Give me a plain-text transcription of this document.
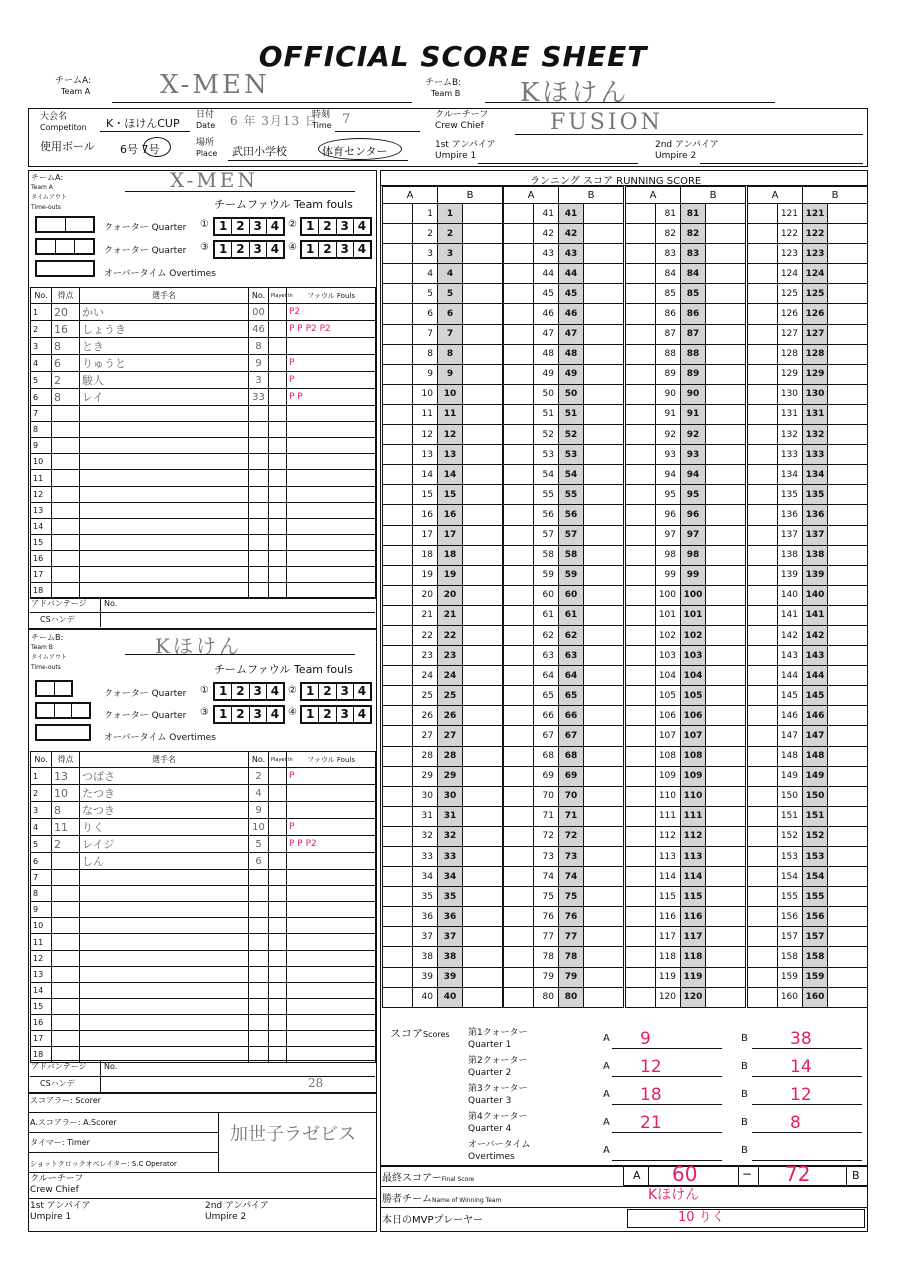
OFFICIAL SCORE SHEET
チームA:
Team A	X-MEN	チームB:
Team B Kほけん
大会名
Competiton K・ほけんCUP
日付
Date 6 年 3月13 日
時刻
Time 7
使用ボール 6号 7号	場所
Place 武田小学校	体育センター
クルーチーフ
Crew Chief	FUSION
1st アンパイア
Umpire 1
2nd アンパイア
Umpire 2
チームA:
Team A
タイムアウト
Time-outs
X-MEN
チームファウル Team fouls
クォーター Quarter ① 1 2 3 4 ② 1 2 3 4
クォーター Quarter ③ 1 2 3 4 ④ 1 2 3 4
オーバータイム Overtimes
No.	得点	選手名	No.	Player in	ファウル Fouls
1	20	かい	00		P2
2	16	しょうき	46		P P P2 P2
3	8	とき	8		
4	6	りゅうと	9		P
5	2	駿人	3		P
6	8	レイ	33		P P
7					
8					
9					
10					
11					
12					
13					
14					
15					
16					
17					
18					
アドバンテージ No.
CSハンデ
チームB:
Team B
タイムアウト
Time-outs
Kほけん
チームファウル Team fouls
クォーター Quarter ① 1 2 3 4 ② 1 2 3 4
クォーター Quarter ③ 1 2 3 4 ④ 1 2 3 4
オーバータイム Overtimes
No.	得点	選手名	No.	Player in	ファウル Fouls
1	13	つばさ	2		P
2	10	たつき	4		
3	8	なつき	9		
4	11	りく	10		P
5	2	レイジ	5		P P P2
6		しん	6		
7					
8					
9					
10					
11					
12					
13					
14					
15					
16					
17					
18					
アドバンテージ No.
CSハンデ	28
スコアラー: Scorer
A.スコアラー: A.Scorer
加世子ラゼビス
タイマー: Timer
ショットクロックオペレイター: S.C Operator
クルーチーフ
Crew Chief
1st アンパイア
Umpire 1
2nd アンパイア
Umpire 2
ランニング スコア RUNNING SCORE
A		B	
	1	1	
	2	2	
	3	3	
	4	4	
	5	5	
	6	6	
	7	7	
	8	8	
	9	9	
	10	10	
	11	11	
	12	12	
	13	13	
	14	14	
	15	15	
	16	16	
	17	17	
	18	18	
	19	19	
	20	20	
	21	21	
	22	22	
	23	23	
	24	24	
	25	25	
	26	26	
	27	27	
	28	28	
	29	29	
	30	30	
	31	31	
	32	32	
	33	33	
	34	34	
	35	35	
	36	36	
	37	37	
	38	38	
	39	39	
	40	40	
A		B	
	41	41	
	42	42	
	43	43	
	44	44	
	45	45	
	46	46	
	47	47	
	48	48	
	49	49	
	50	50	
	51	51	
	52	52	
	53	53	
	54	54	
	55	55	
	56	56	
	57	57	
	58	58	
	59	59	
	60	60	
	61	61	
	62	62	
	63	63	
	64	64	
	65	65	
	66	66	
	67	67	
	68	68	
	69	69	
	70	70	
	71	71	
	72	72	
	73	73	
	74	74	
	75	75	
	76	76	
	77	77	
	78	78	
	79	79	
	80	80	
A		B	
	81	81	
	82	82	
	83	83	
	84	84	
	85	85	
	86	86	
	87	87	
	88	88	
	89	89	
	90	90	
	91	91	
	92	92	
	93	93	
	94	94	
	95	95	
	96	96	
	97	97	
	98	98	
	99	99	
	100	100	
	101	101	
	102	102	
	103	103	
	104	104	
	105	105	
	106	106	
	107	107	
	108	108	
	109	109	
	110	110	
	111	111	
	112	112	
	113	113	
	114	114	
	115	115	
	116	116	
	117	117	
	118	118	
	119	119	
	120	120	
A		B	
	121	121	
	122	122	
	123	123	
	124	124	
	125	125	
	126	126	
	127	127	
	128	128	
	129	129	
	130	130	
	131	131	
	132	132	
	133	133	
	134	134	
	135	135	
	136	136	
	137	137	
	138	138	
	139	139	
	140	140	
	141	141	
	142	142	
	143	143	
	144	144	
	145	145	
	146	146	
	147	147	
	148	148	
	149	149	
	150	150	
	151	151	
	152	152	
	153	153	
	154	154	
	155	155	
	156	156	
	157	157	
	158	158	
	159	159	
	160	160	
スコアScores 第1クォーター
Quarter 1
A 9	B 38
第2クォーター
Quarter 2
A 12	B 14
第3クォーター
Quarter 3
A 18	B 12
第4クォーター
Quarter 4
A 21	B 8
オーバータイム
Overtimes
A	B
最終スコアーFinal Score	A 60	− 72	B
勝者チームName of Winning Team	Kほけん
本日のMVPプレーヤー	10 りく
